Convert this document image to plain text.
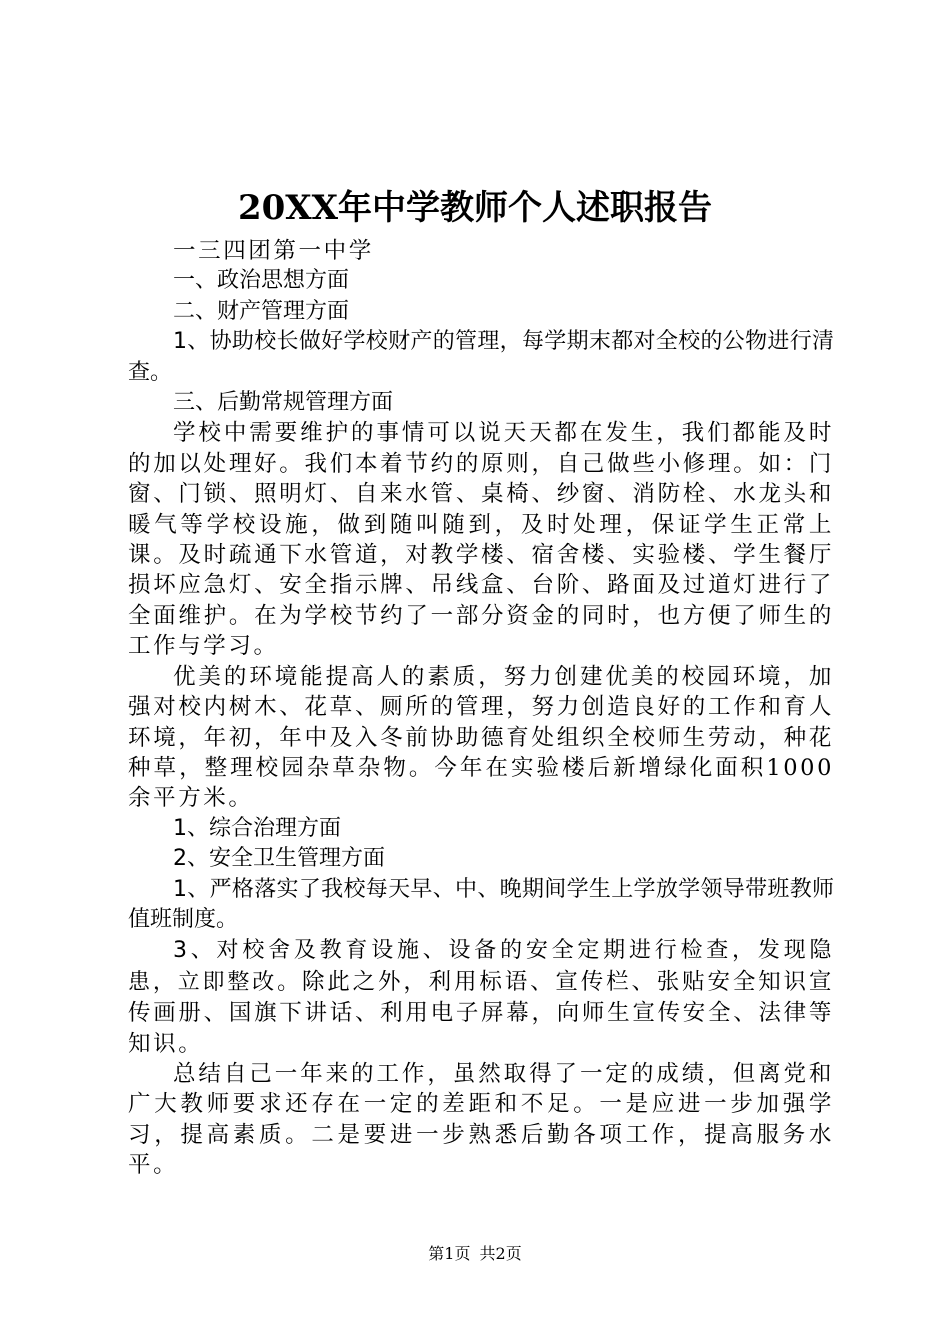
20XX年中学教师个人述职报告

一三四团第一中学

一、政治思想方面

二、财产管理方面

1、协助校长做好学校财产的管理，每学期末都对全校的公物进行清查。

三、后勤常规管理方面

学校中需要维护的事情可以说天天都在发生，我们都能及时的加以处理好。我们本着节约的原则，自己做些小修理。如：门窗、门锁、照明灯、自来水管、桌椅、纱窗、消防栓、水龙头和暖气等学校设施，做到随叫随到，及时处理，保证学生正常上课。及时疏通下水管道，对教学楼、宿舍楼、实验楼、学生餐厅损坏应急灯、安全指示牌、吊线盒、台阶、路面及过道灯进行了全面维护。在为学校节约了一部分资金的同时，也方便了师生的工作与学习。

优美的环境能提高人的素质，努力创建优美的校园环境，加强对校内树木、花草、厕所的管理，努力创造良好的工作和育人环境，年初，年中及入冬前协助德育处组织全校师生劳动，种花种草，整理校园杂草杂物。今年在实验楼后新增绿化面积1000余平方米。

1、综合治理方面

2、安全卫生管理方面

1、严格落实了我校每天早、中、晚期间学生上学放学领导带班教师值班制度。

3、对校舍及教育设施、设备的安全定期进行检查，发现隐患，立即整改。除此之外，利用标语、宣传栏、张贴安全知识宣传画册、国旗下讲话、利用电子屏幕，向师生宣传安全、法律等知识。

总结自己一年来的工作，虽然取得了一定的成绩，但离党和广大教师要求还存在一定的差距和不足。一是应进一步加强学习，提高素质。二是要进一步熟悉后勤各项工作，提高服务水平。

第1页 共2页
